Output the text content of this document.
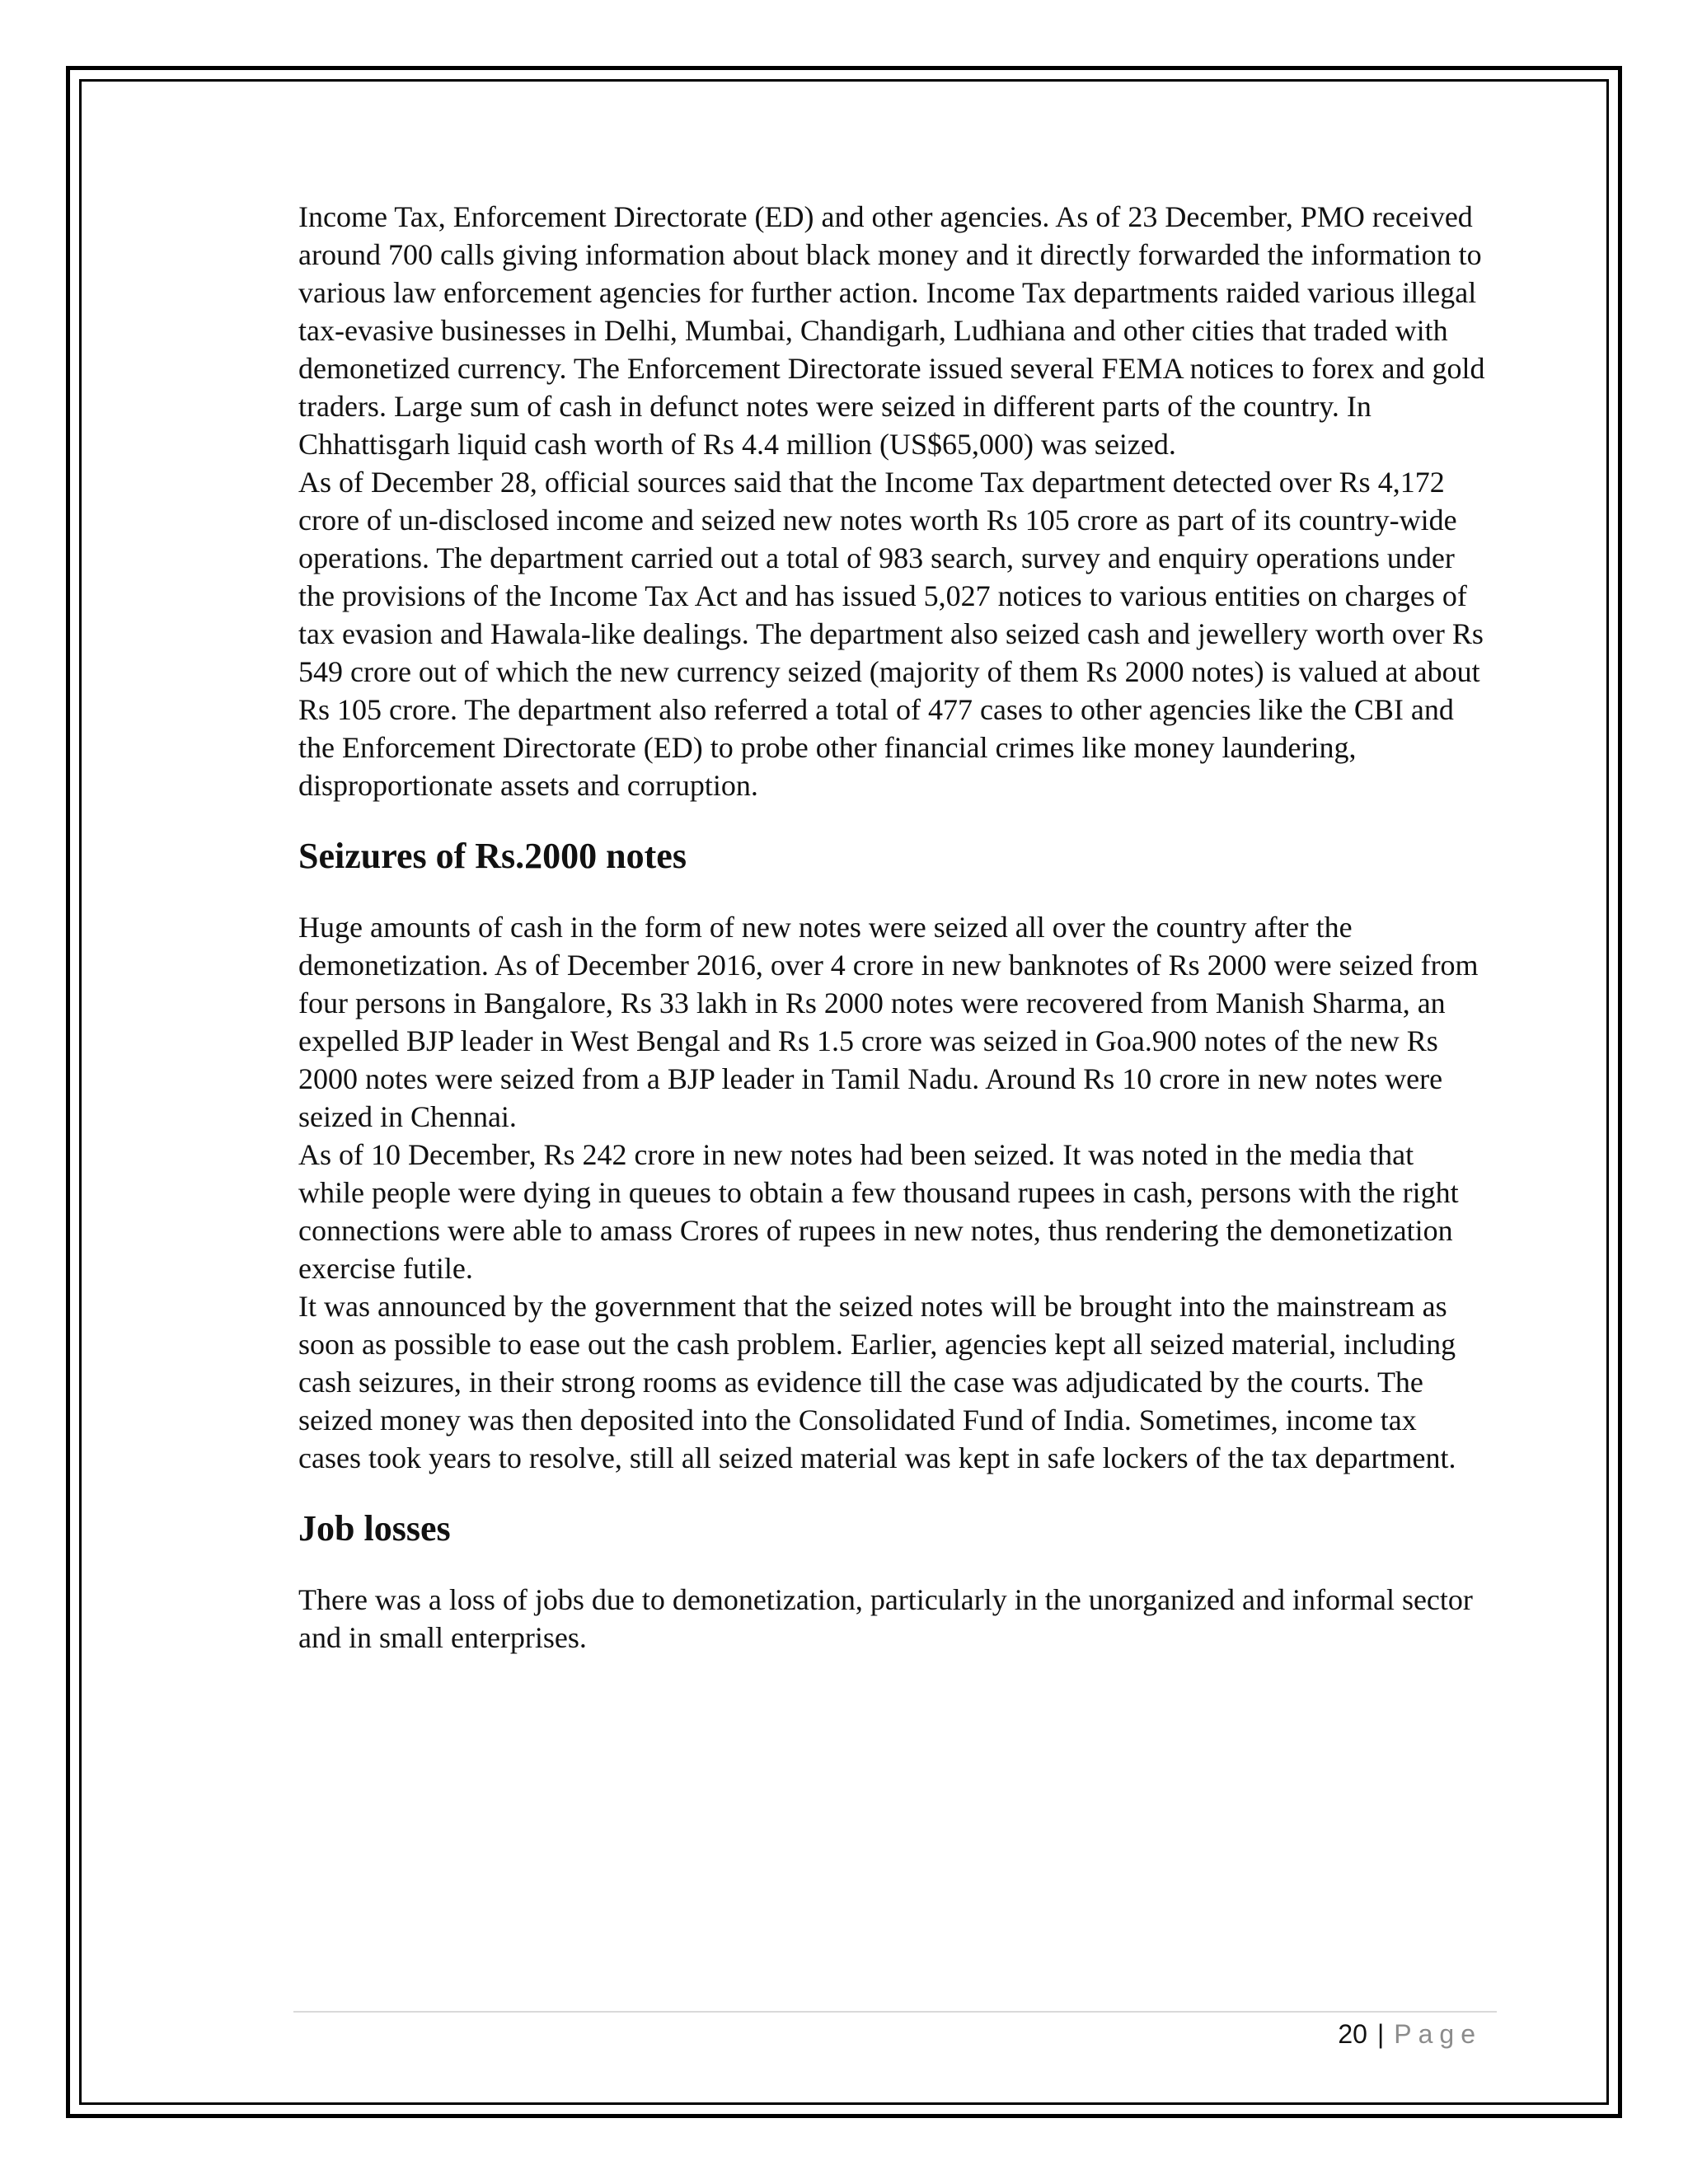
Income Tax, Enforcement Directorate (ED) and other agencies. As of 23 December, PMO received around 700 calls giving information about black money and it directly forwarded the information to various law enforcement agencies for further action. Income Tax departments raided various illegal tax-evasive businesses in Delhi, Mumbai, Chandigarh, Ludhiana and other cities that traded with demonetized currency. The Enforcement Directorate issued several FEMA notices to forex and gold traders. Large sum of cash in defunct notes were seized in different parts of the country. In Chhattisgarh liquid cash worth of Rs 4.4 million (US$65,000) was seized.

As of December 28, official sources said that the Income Tax department detected over Rs 4,172 crore of un-disclosed income and seized new notes worth Rs 105 crore as part of its country-wide operations. The department carried out a total of 983 search, survey and enquiry operations under the provisions of the Income Tax Act and has issued 5,027 notices to various entities on charges of tax evasion and Hawala-like dealings. The department also seized cash and jewellery worth over Rs 549 crore out of which the new currency seized (majority of them Rs 2000 notes) is valued at about Rs 105 crore. The department also referred a total of 477 cases to other agencies like the CBI and the Enforcement Directorate (ED) to probe other financial crimes like money laundering, disproportionate assets and corruption.

Seizures of Rs.2000 notes

Huge amounts of cash in the form of new notes were seized all over the country after the demonetization. As of December 2016, over 4 crore in new banknotes of Rs 2000 were seized from four persons in Bangalore, Rs 33 lakh in Rs 2000 notes were recovered from Manish Sharma, an expelled BJP leader in West Bengal and Rs 1.5 crore was seized in Goa.900 notes of the new Rs 2000 notes were seized from a BJP leader in Tamil Nadu. Around Rs 10 crore in new notes were seized in Chennai.

As of 10 December, Rs 242 crore in new notes had been seized. It was noted in the media that while people were dying in queues to obtain a few thousand rupees in cash, persons with the right connections were able to amass Crores of rupees in new notes, thus rendering the demonetization exercise futile.

It was announced by the government that the seized notes will be brought into the mainstream as soon as possible to ease out the cash problem. Earlier, agencies kept all seized material, including cash seizures, in their strong rooms as evidence till the case was adjudicated by the courts. The seized money was then deposited into the Consolidated Fund of India. Sometimes, income tax cases took years to resolve, still all seized material was kept in safe lockers of the tax department.

Job losses

There was a loss of jobs due to demonetization, particularly in the unorganized and informal sector and in small enterprises.

20 | Page
